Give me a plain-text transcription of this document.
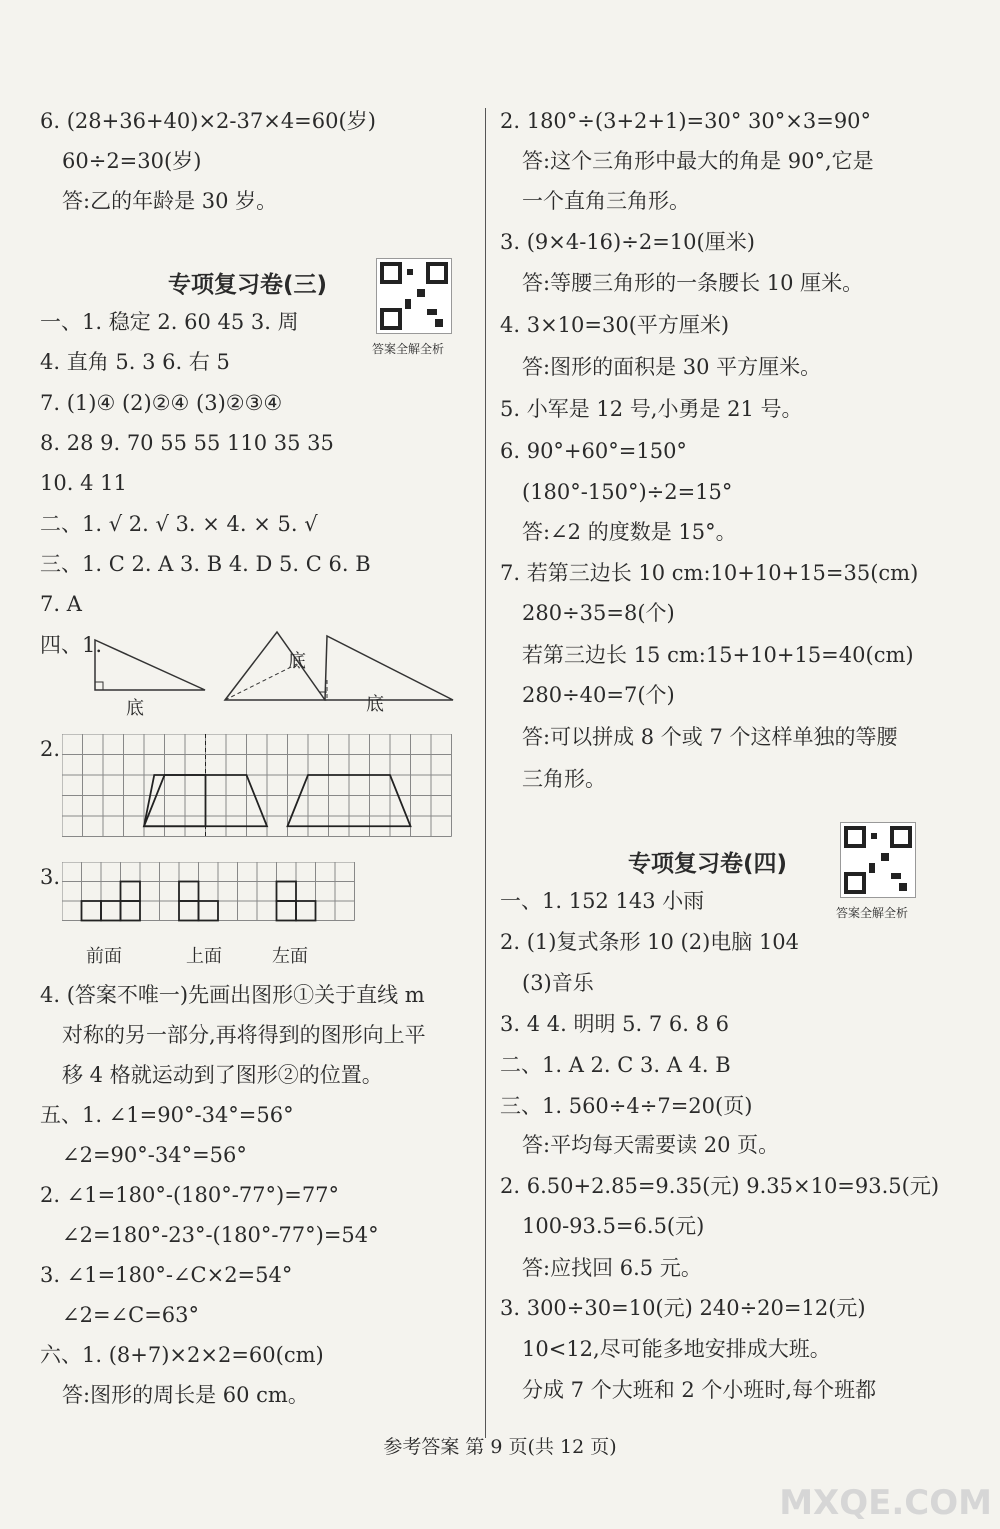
6. (28+36+40)×2-37×4=60(岁)
60÷2=30(岁)
答:乙的年龄是 30 岁。
一、1. 稳定 2. 60 45 3. 周
4. 直角 5. 3 6. 右 5
7. (1)④ (2)②④ (3)②③④
8. 28 9. 70 55 55 110 35 35
10. 4 11
二、1. √ 2. √ 3. × 4. × 5. √
三、1. C 2. A 3. B 4. D 5. C 6. B
7. A
四、1.
2.
3.
4. (答案不唯一)先画出图形①关于直线 m
对称的另一部分,再将得到的图形向上平
移 4 格就运动到了图形②的位置。
五、1. ∠1=90°-34°=56°
∠2=90°-34°=56°
2. ∠1=180°-(180°-77°)=77°
∠2=180°-23°-(180°-77°)=54°
3. ∠1=180°-∠C×2=54°
∠2=∠C=63°
六、1. (8+7)×2×2=60(cm)
答:图形的周长是 60 cm。
2. 180°÷(3+2+1)=30° 30°×3=90°
答:这个三角形中最大的角是 90°,它是
一个直角三角形。
3. (9×4-16)÷2=10(厘米)
答:等腰三角形的一条腰长 10 厘米。
4. 3×10=30(平方厘米)
答:图形的面积是 30 平方厘米。
5. 小军是 12 号,小勇是 21 号。
6. 90°+60°=150°
(180°-150°)÷2=15°
答:∠2 的度数是 15°。
7. 若第三边长 10 cm:10+10+15=35(cm)
280÷35=8(个)
若第三边长 15 cm:15+10+15=40(cm)
280÷40=7(个)
答:可以拼成 8 个或 7 个这样单独的等腰
三角形。
一、1. 152 143 小雨
2. (1)复式条形 10 (2)电脑 104
(3)音乐
3. 4 4. 明明 5. 7 6. 8 6
二、1. A 2. C 3. A 4. B
三、1. 560÷4÷7=20(页)
答:平均每天需要读 20 页。
2. 6.50+2.85=9.35(元) 9.35×10=93.5(元)
100-93.5=6.5(元)
答:应找回 6.5 元。
3. 300÷30=10(元) 240÷20=12(元)
10<12,尽可能多地安排成大班。
分成 7 个大班和 2 个小班时,每个班都
专项复习卷(三)
专项复习卷(四)
答案全解全析
答案全解全析
底
底
底
前面	上面	左面
参考答案 第 9 页(共 12 页)
MXQE.COM
